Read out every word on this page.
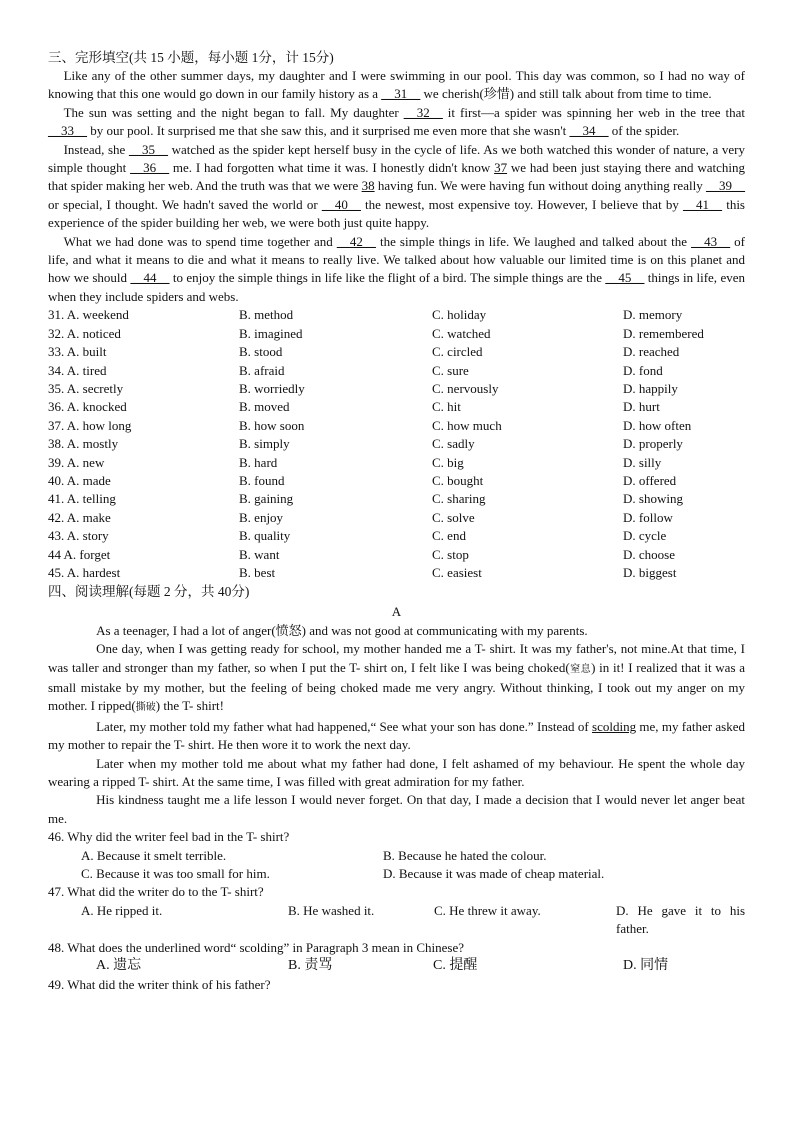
三、完形填空(共 15 小题，每小题 1分，计 15分)

Like any of the other summer days, my daughter and I were swimming in our pool. This day was common, so I had no way of knowing that this one would go down in our family history as a __31__ we cherish(珍惜) and still talk about from time to time.

The sun was setting and the night began to fall. My daughter __32__ it first—a spider was spinning her web in the tree that __33__ by our pool. It surprised me that she saw this, and it surprised me even more that she wasn't __34__ of the spider.

Instead, she __35__ watched as the spider kept herself busy in the cycle of life. As we both watched this wonder of nature, a very simple thought __36__ me. I had forgotten what time it was. I honestly didn't know 37 we had been just staying there and watching that spider making her web. And the truth was that we were 38 having fun. We were having fun without doing anything really __39__ or special, I thought. We hadn't saved the world or __40__ the newest, most expensive toy. However, I believe that by __41__ this experience of the spider building her web, we were both just quite happy.

What we had done was to spend time together and __42__ the simple things in life. We laughed and talked about the __43__ of life, and what it means to die and what it means to really live. We talked about how valuable our limited time is on this planet and how we should __44__ to enjoy the simple things in life like the flight of a bird. The simple things are the __45__ things in life, even when they include spiders and webs.

31. A. weekend	B. method	C. holiday	D. memory
32. A. noticed	B. imagined	C. watched	D. remembered
33. A. built	B. stood	C. circled	D. reached
34. A. tired	B. afraid	C. sure	D. fond
35. A. secretly	B. worriedly	C. nervously	D. happily
36. A. knocked	B. moved	C. hit	D. hurt
37. A. how long	B. how soon	C. how much	D. how often
38. A. mostly	B. simply	C. sadly	D. properly
39. A. new	B. hard	C. big	D. silly
40. A. made	B. found	C. bought	D. offered
41. A. telling	B. gaining	C. sharing	D. showing
42. A. make	B. enjoy	C. solve	D. follow
43. A. story	B. quality	C. end	D. cycle
44 A. forget	B. want	C. stop	D. choose
45. A. hardest	B. best	C. easiest	D. biggest

四、阅读理解(每题 2 分，共 40分)

A

As a teenager, I had a lot of anger(愤怒) and was not good at communicating with my parents.

One day, when I was getting ready for school, my mother handed me a T- shirt. It was my father's, not mine.At that time, I was taller and stronger than my father, so when I put the T- shirt on, I felt like I was being choked(窒息) in it! I realized that it was a small mistake by my mother, but the feeling of being choked made me very angry. Without thinking, I took out my anger on my mother. I ripped(撕破) the T- shirt!

Later, my mother told my father what had happened,“ See what your son has done.” Instead of scolding me, my father asked my mother to repair the T- shirt. He then wore it to work the next day.

Later when my mother told me about what my father had done, I felt ashamed of my behaviour. He spent the whole day wearing a ripped T- shirt. At the same time, I was filled with great admiration for my father.

His kindness taught me a life lesson I would never forget. On that day, I made a decision that I would never let anger beat me.

46. Why did the writer feel bad in the T- shirt?

A. Because it smelt terrible.	B. Because he hated the colour.
C. Because it was too small for him.	D. Because it was made of cheap material.

47. What did the writer do to the T- shirt?

A. He ripped it.	B. He washed it.	C. He threw it away.	D. He gave it to his father.

48. What does the underlined word“ scolding” in Paragraph 3 mean in Chinese?

A. 遗忘	B. 责骂	C. 提醒	D. 同情

49. What did the writer think of his father?
